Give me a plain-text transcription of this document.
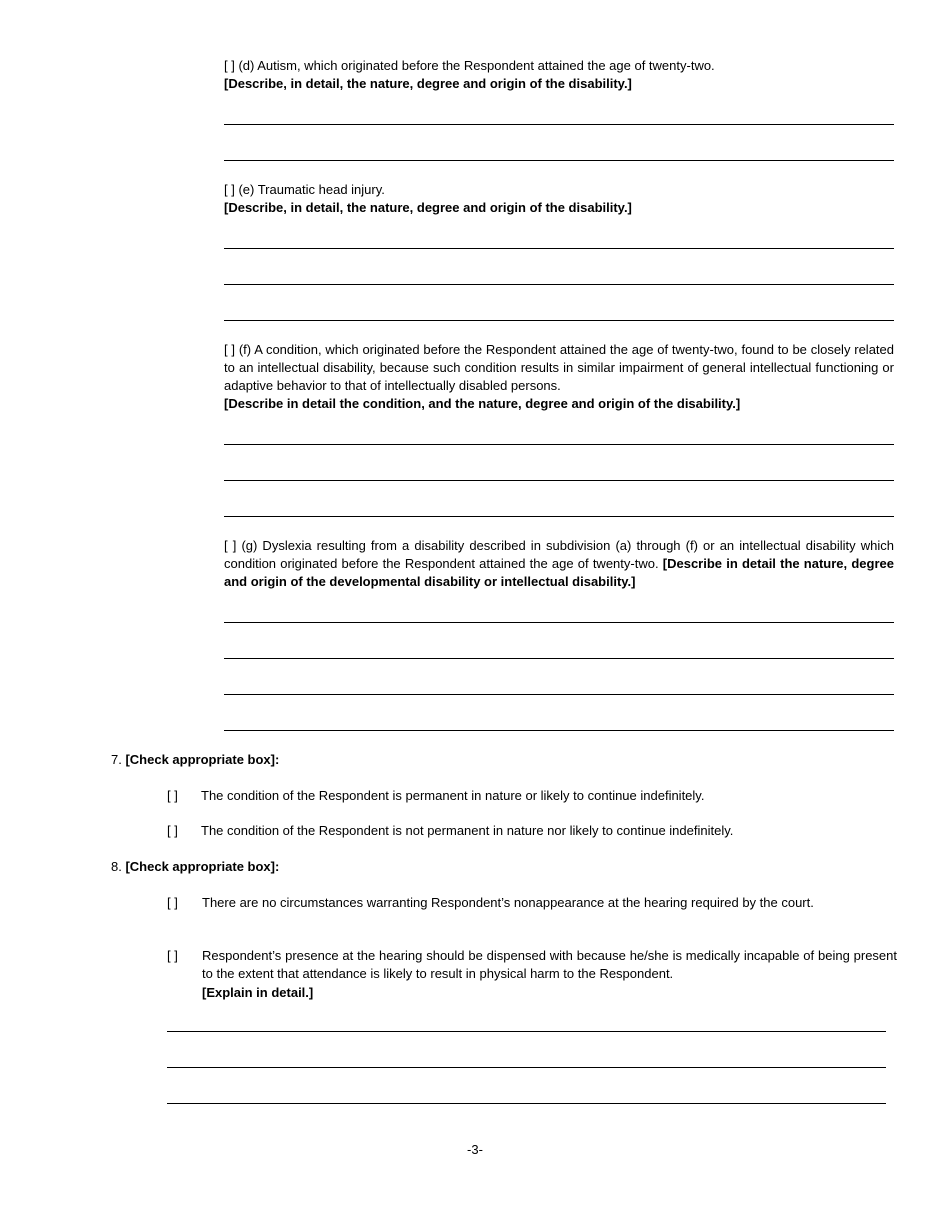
[ ] (d) Autism, which originated before the Respondent attained the age of twenty-two.

[Describe, in detail, the nature, degree and origin of the disability.]

[ ] (e) Traumatic head injury.

[Describe, in detail, the nature, degree and origin of the disability.]

[ ] (f) A condition, which originated before the Respondent attained the age of twenty-two, found to be closely related to an intellectual disability, because such condition results in similar impairment of general intellectual functioning or adaptive behavior to that of intellectually disabled persons.

[Describe in detail the condition, and the nature, degree and origin of the disability.]

[ ] (g) Dyslexia resulting from a disability described in subdivision (a) through (f) or an intellectual disability which condition originated before the Respondent attained the age of twenty-two. [Describe in detail the nature, degree and origin of the developmental disability or intellectual disability.]
7. [Check appropriate box]:
[ ] The condition of the Respondent is permanent in nature or likely to continue indefinitely.
[ ] The condition of the Respondent is not permanent in nature nor likely to continue indefinitely.
8. [Check appropriate box]:
[ ]	There are no circumstances warranting Respondent’s nonappearance at the hearing required by the court.

[ ]	Respondent’s presence at the hearing should be dispensed with because he/she is medically incapable of being present to the extent that attendance is likely to result in physical harm to the Respondent.

[Explain in detail.]

-3-
